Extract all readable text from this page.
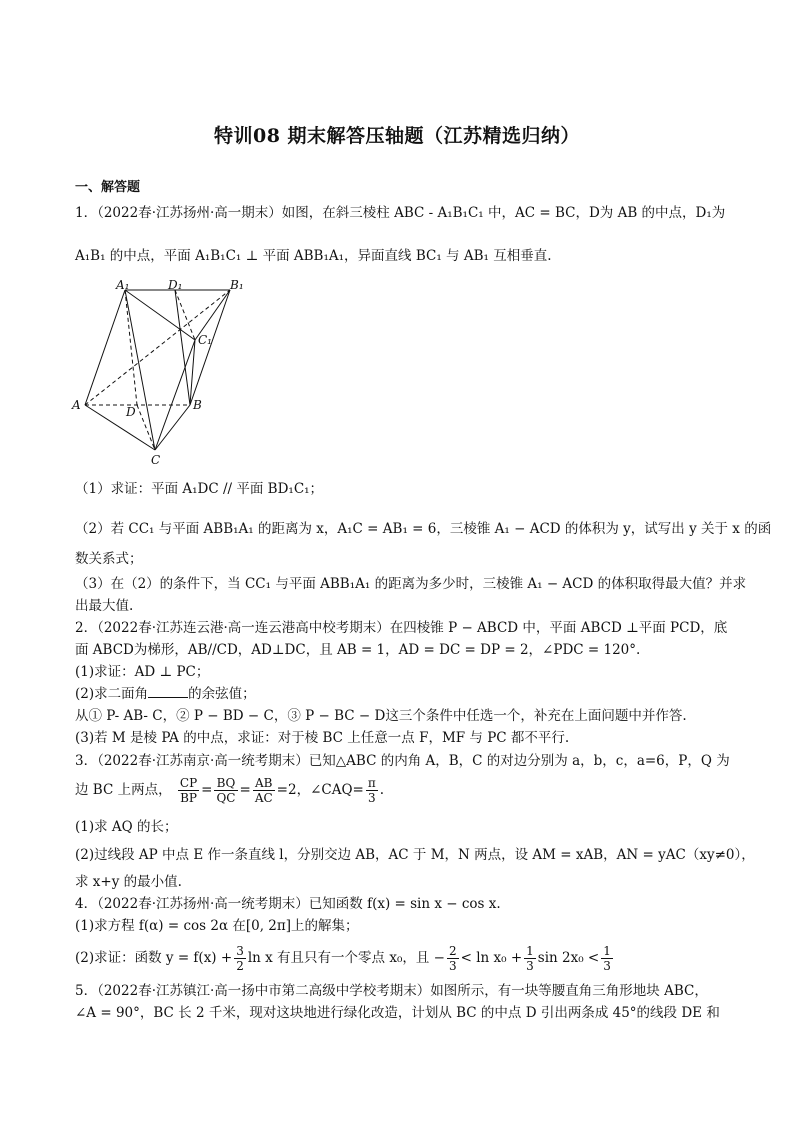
特训08 期末解答压轴题（江苏精选归纳）
一、解答题
1．（2022春·江苏扬州·高一期末）如图，在斜三棱柱 ABC - A₁B₁C₁ 中，AC = BC，D为 AB 的中点，D₁为
A₁B₁ 的中点，平面 A₁B₁C₁ ⊥ 平面 ABB₁A₁，异面直线 BC₁ 与 AB₁ 互相垂直.
A₁	D₁	B₁
C₁
A	D	B
C
（1）求证：平面 A₁DC // 平面 BD₁C₁；
（2）若 CC₁ 与平面 ABB₁A₁ 的距离为 x，A₁C = AB₁ = 6，三棱锥 A₁ − ACD 的体积为 y，试写出 y 关于 x 的函
数关系式；
（3）在（2）的条件下，当 CC₁ 与平面 ABB₁A₁ 的距离为多少时，三棱锥 A₁ − ACD 的体积取得最大值？并求
出最大值.
2．（2022春·江苏连云港·高一连云港高中校考期末）在四棱锥 P − ABCD 中，平面 ABCD ⊥平面 PCD，底
面 ABCD为梯形，AB//CD，AD⊥DC，且 AB = 1，AD = DC = DP = 2，∠PDC = 120°.
(1)求证：AD ⊥ PC；
(2)求二面角	的余弦值；
从① P- AB- C，② P − BD − C，③ P − BC − D这三个条件中任选一个，补充在上面问题中并作答.
(3)若 M 是棱 PA 的中点，求证：对于棱 BC 上任意一点 F，MF 与 PC 都不平行.
3．（2022春·江苏南京·高一统考期末）已知△ABC 的内角 A，B，C 的对边分别为 a，b，c，a=6，P，Q 为
边 BC 上两点， $\frac{CP}{BP} = \frac{BQ}{QC} = \frac{AB}{AC} =2$，∠CAQ= $\frac{\pi}{3}$ .
(1)求 AQ 的长；
(2)过线段 AP 中点 E 作一条直线 l，分别交边 AB，AC 于 M，N 两点，设 AM = xAB，AN = yAC（xy≠0），
求 x+y 的最小值.
4．（2022春·江苏扬州·高一统考期末）已知函数 f(x) = sin x − cos x.
(1)求方程 f(α) = cos 2α 在[0, 2π]上的解集；
(2)求证：函数 $y = f(x) + \frac{3}{2}$ ln x 有且只有一个零点 x₀，且 − $\frac{2}{3} < \ln x_0 + \frac{1}{3}$ $\sin 2x_0 < \frac{1}{3}$
5．（2022春·江苏镇江·高一扬中市第二高级中学校考期末）如图所示，有一块等腰直角三角形地块 ABC，
∠A = 90°，BC 长 2 千米，现对这块地进行绿化改造，计划从 BC 的中点 D 引出两条成 45°的线段 DE 和
